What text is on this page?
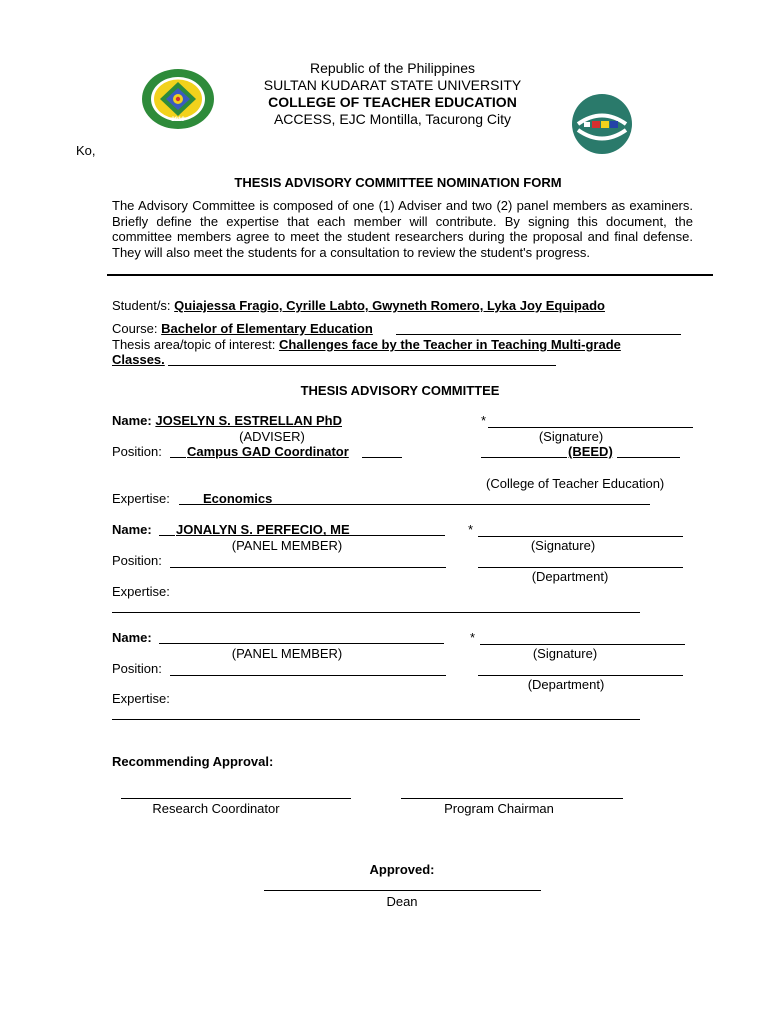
2019
Republic of the Philippines
SULTAN KUDARAT STATE UNIVERSITY
COLLEGE OF TEACHER EDUCATION
ACCESS, EJC Montilla, Tacurong City
Ko,
THESIS ADVISORY COMMITTEE NOMINATION FORM
The Advisory Committee is composed of one (1) Adviser and two (2) panel members as examiners. Briefly define the expertise that each member will contribute. By signing this document, the committee members agree to meet the student researchers during the proposal and final defense. They will also meet the students for a consultation to review the student's progress.
Student/s: Quiajessa Fragio, Cyrille Labto, Gwyneth Romero, Lyka Joy Equipado
Course: Bachelor of Elementary Education
Thesis area/topic of interest: Challenges face by the Teacher in Teaching Multi-grade
Classes.
THESIS ADVISORY COMMITTEE
Name: JOSELYN S. ESTRELLAN PhD	*
(ADVISER)	(Signature)
Position: Campus GAD Coordinator	(BEED)
(College of Teacher Education)
Expertise:	Economics
Name: JONALYN S. PERFECIO, ME	*
(PANEL MEMBER)	(Signature)
Position:
(Department)
Expertise:
Name:	*
(PANEL MEMBER)	(Signature)
Position:
(Department)
Expertise:
Recommending Approval:
Research Coordinator	Program Chairman
Approved:
Dean
